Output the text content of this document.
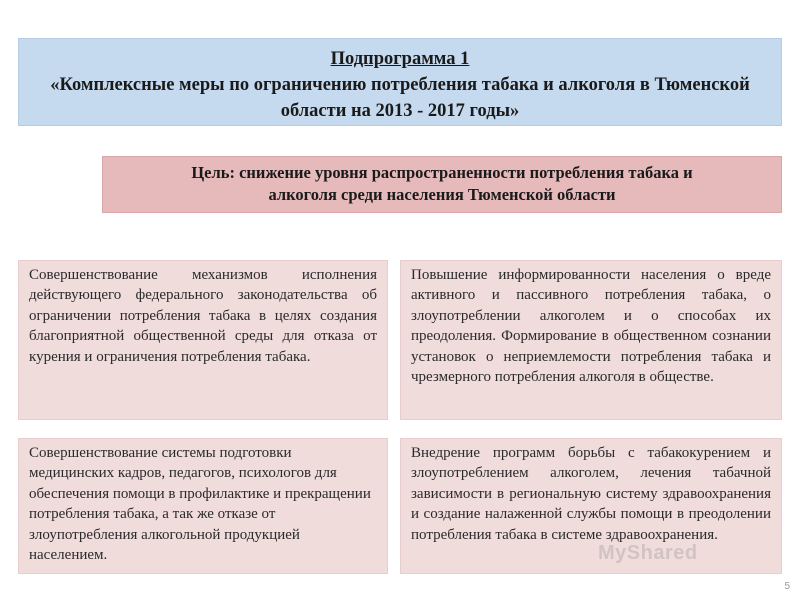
Подпрограмма 1
«Комплексные меры по ограничению потребления табака и алкоголя в Тюменской области на 2013 - 2017 годы»
Цель: снижение уровня распространенности потребления табака и алкоголя среди населения Тюменской области
Совершенствование механизмов исполнения действующего федерального законодательства об ограничении потребления табака в целях создания благоприятной общественной среды для отказа от курения и ограничения потребления табака.
Повышение информированности населения о вреде активного и пассивного потребления табака, о злоупотреблении алкоголем и о способах их преодоления. Формирование в общественном сознании установок о неприемлемости потребления табака и чрезмерного потребления алкоголя в обществе.
Совершенствование системы подготовки медицинских кадров, педагогов, психологов для обеспечения помощи в профилактике и прекращении потребления табака, а так же отказе от злоупотребления алкогольной продукцией населением.
Внедрение программ борьбы с табакокурением и злоупотреблением алкоголем, лечения табачной зависимости в региональную систему здравоохранения и создание налаженной службы помощи в преодолении потребления табака в системе здравоохранения.
MyShared
5
